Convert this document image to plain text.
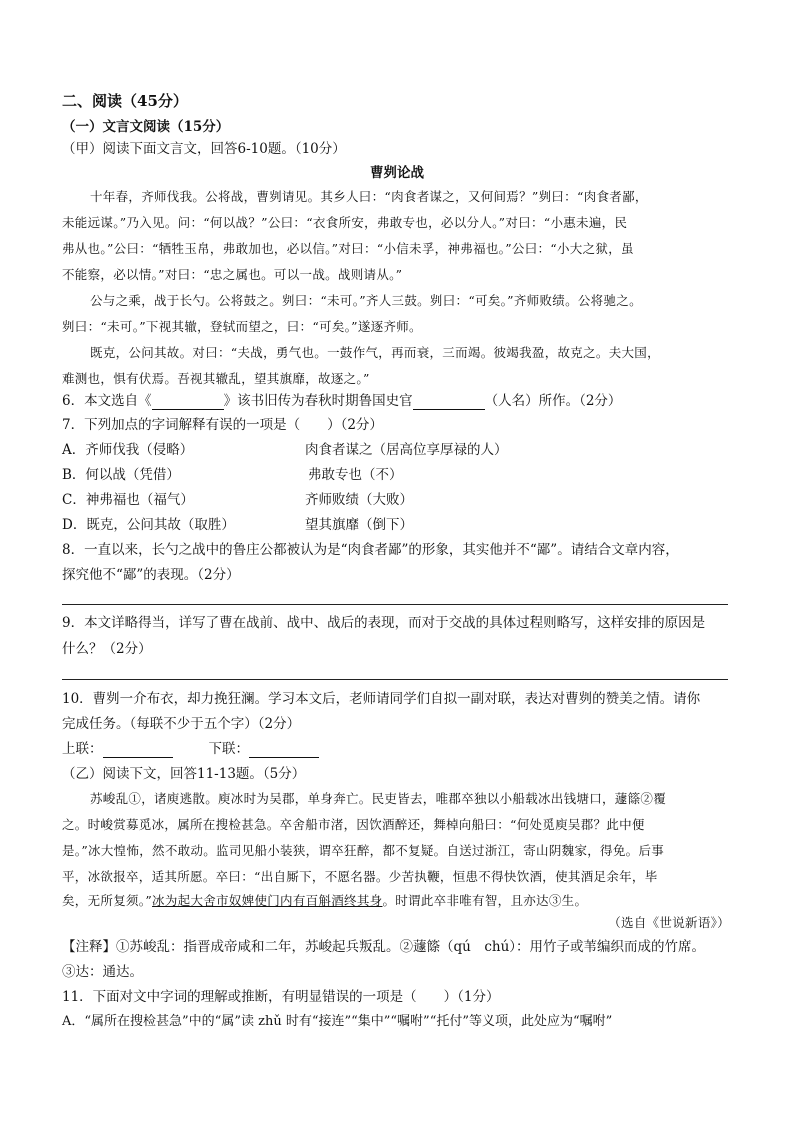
二、阅读（45分）
（一）文言文阅读（15分）
（甲）阅读下面文言文，回答6-10题。（10分）
曹刿论战
十年春，齐师伐我。公将战，曹刿请见。其乡人曰：“肉食者谋之，又何间焉？”刿曰：“肉食者鄙，
未能远谋。”乃入见。问：“何以战？”公曰：“衣食所安，弗敢专也，必以分人。”对曰：“小惠未遍，民
弗从也。”公曰：“牺牲玉帛，弗敢加也，必以信。”对曰：“小信未孚，神弗福也。”公曰：“小大之狱，虽
不能察，必以情。”对曰：“忠之属也。可以一战。战则请从。”
公与之乘，战于长勺。公将鼓之。刿曰：“未可。”齐人三鼓。刿曰：“可矣。”齐师败绩。公将驰之。
刿曰：“未可。”下视其辙，登轼而望之，曰：“可矣。”遂逐齐师。
既克，公问其故。对曰：“夫战，勇气也。一鼓作气，再而衰，三而竭。彼竭我盈，故克之。夫大国，
难测也，惧有伏焉。吾视其辙乱，望其旗靡，故逐之。”
6．本文选自《	》该书旧传为春秋时期鲁国史官	（人名）所作。（2分）
7．下列加点的字词解释有误的一项是（　　）（2分）
A．齐师伐我（侵略）	肉食者谋之（居高位享厚禄的人）
B．何以战（凭借）	弗敢专也（不）
C．神弗福也（福气）	齐师败绩（大败）
D．既克，公问其故（取胜）	望其旗靡（倒下）
8．一直以来，长勺之战中的鲁庄公都被认为是“肉食者鄙”的形象，其实他并不“鄙”。请结合文章内容，
探究他不“鄙”的表现。（2分）
9．本文详略得当，详写了曹在战前、战中、战后的表现，而对于交战的具体过程则略写，这样安排的原因是
什么？（2分）
10．曹刿一介布衣，却力挽狂澜。学习本文后，老师请同学们自拟一副对联，表达对曹刿的赞美之情。请你
完成任务。（每联不少于五个字）（2分）
上联：	下联：
（乙）阅读下文，回答11-13题。（5分）
苏峻乱①，诸庾逃散。庾冰时为吴郡，单身奔亡。民吏皆去，唯郡卒独以小船载冰出钱塘口，蘧篨②覆
之。时峻赏募觅冰，属所在搜检甚急。卒舍船市渚，因饮酒醉还，舞棹向船曰：“何处觅庾吴郡？此中便
是。”冰大惶怖，然不敢动。监司见船小装狭，谓卒狂醉，都不复疑。自送过浙江，寄山阴魏家，得免。后事
平，冰欲报卒，适其所愿。卒曰：“出自厮下，不愿名器。少苦执鞭，恒患不得快饮酒，使其酒足余年，毕
矣，无所复须。”冰为起大舍市奴婢使门内有百斛酒终其身。时谓此卒非唯有智，且亦达③生。
（选自《世说新语》）
【注释】①苏峻乱：指晋成帝咸和二年，苏峻起兵叛乱。②蘧篨（qú　chú）：用竹子或苇编织而成的竹席。
③达：通达。
11．下面对文中字词的理解或推断，有明显错误的一项是（　　）（1分）
A．“属所在搜检甚急”中的“属”读 zhǔ 时有“接连”“集中”“嘱咐”“托付”等义项，此处应为“嘱咐”
